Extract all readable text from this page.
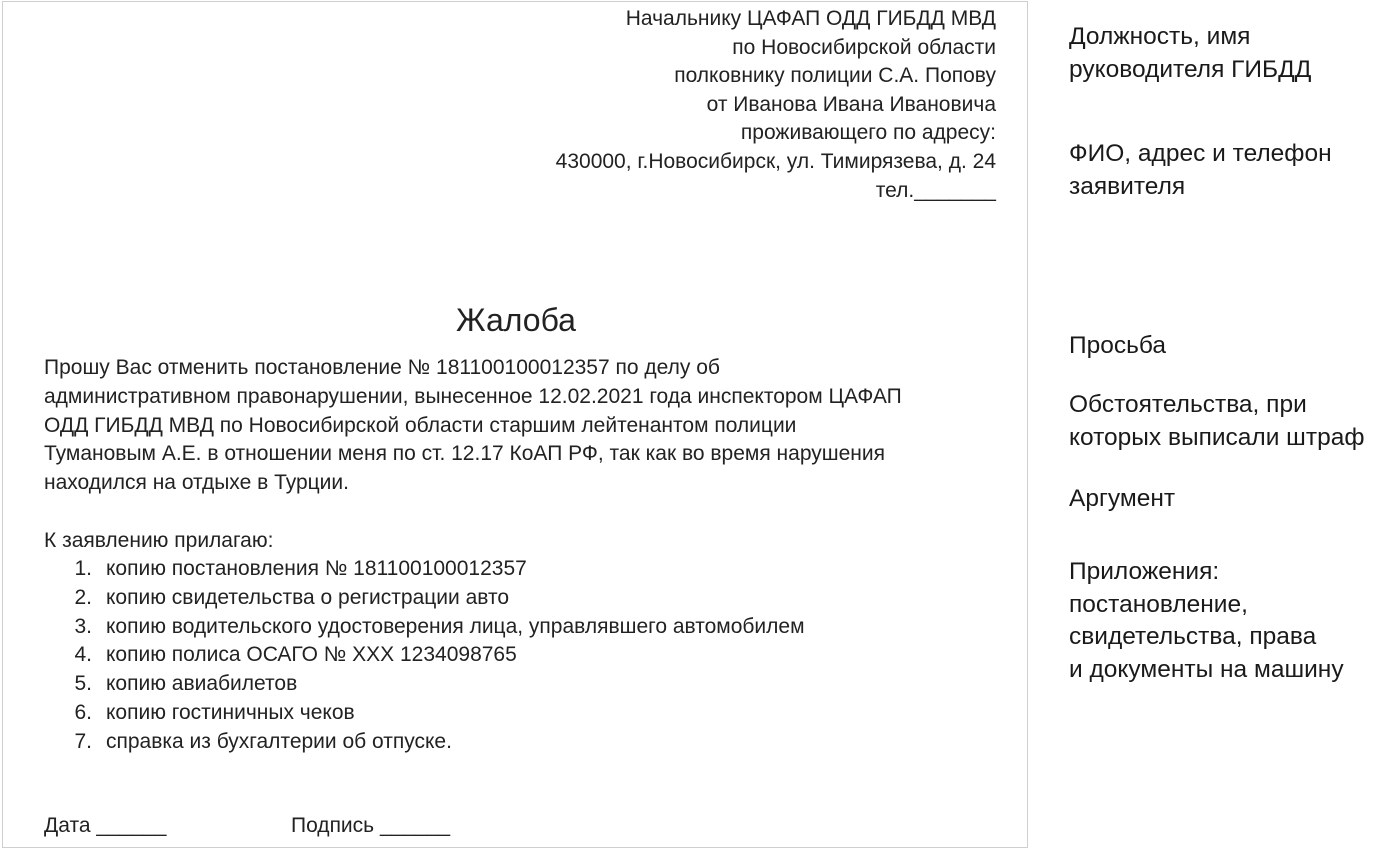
Начальнику ЦАФАП ОДД ГИБДД МВД
по Новосибирской области
полковнику полиции С.А. Попову
от Иванова Ивана Ивановича
проживающего по адресу:
430000, г.Новосибирск, ул. Тимирязева, д. 24
тел._______
Жалоба
Прошу Вас отменить постановление № 181100100012357 по делу об
административном правонарушении, вынесенное 12.02.2021 года инспектором ЦАФАП
ОДД ГИБДД МВД по Новосибирской области старшим лейтенантом полиции
Тумановым А.Е. в отношении меня по ст. 12.17 КоАП РФ, так как во время нарушения
находился на отдыхе в Турции.
К заявлению прилагаю:
1. копию постановления № 181100100012357
2. копию свидетельства о регистрации авто
3. копию водительского удостоверения лица, управлявшего автомобилем
4. копию полиса ОСАГО № ХХХ 1234098765
5. копию авиабилетов
6. копию гостиничных чеков
7. справка из бухгалтерии об отпуске.
Дата ______	Подпись ______
Должность, имя
руководителя ГИБДД
ФИО, адрес и телефон
заявителя
Просьба
Обстоятельства, при
которых выписали штраф
Аргумент
Приложения:
постановление,
свидетельства, права
и документы на машину
